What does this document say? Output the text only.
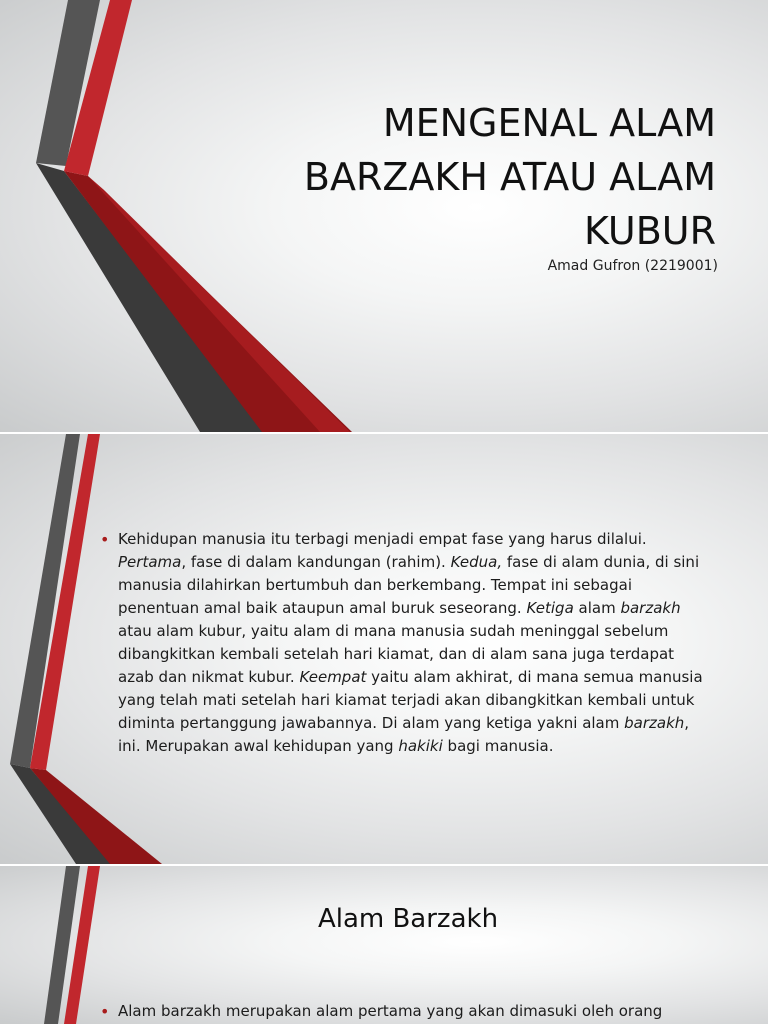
MENGENAL ALAM BARZAKH ATAU ALAM KUBUR

Amad Gufron (2219001)

• Kehidupan manusia itu terbagi menjadi empat fase yang harus dilalui. Pertama, fase di dalam kandungan (rahim). Kedua, fase di alam dunia, di sini manusia dilahirkan bertumbuh dan berkembang. Tempat ini sebagai penentuan amal baik ataupun amal buruk seseorang. Ketiga alam barzakh atau alam kubur, yaitu alam di mana manusia sudah meninggal sebelum dibangkitkan kembali setelah hari kiamat, dan di alam sana juga terdapat azab dan nikmat kubur. Keempat yaitu alam akhirat, di mana semua manusia yang telah mati setelah hari kiamat terjadi akan dibangkitkan kembali untuk diminta pertanggung jawabannya. Di alam yang ketiga yakni alam barzakh, ini. Merupakan awal kehidupan yang hakiki bagi manusia.
Alam Barzakh
• Alam barzakh merupakan alam pertama yang akan dimasuki oleh orang
